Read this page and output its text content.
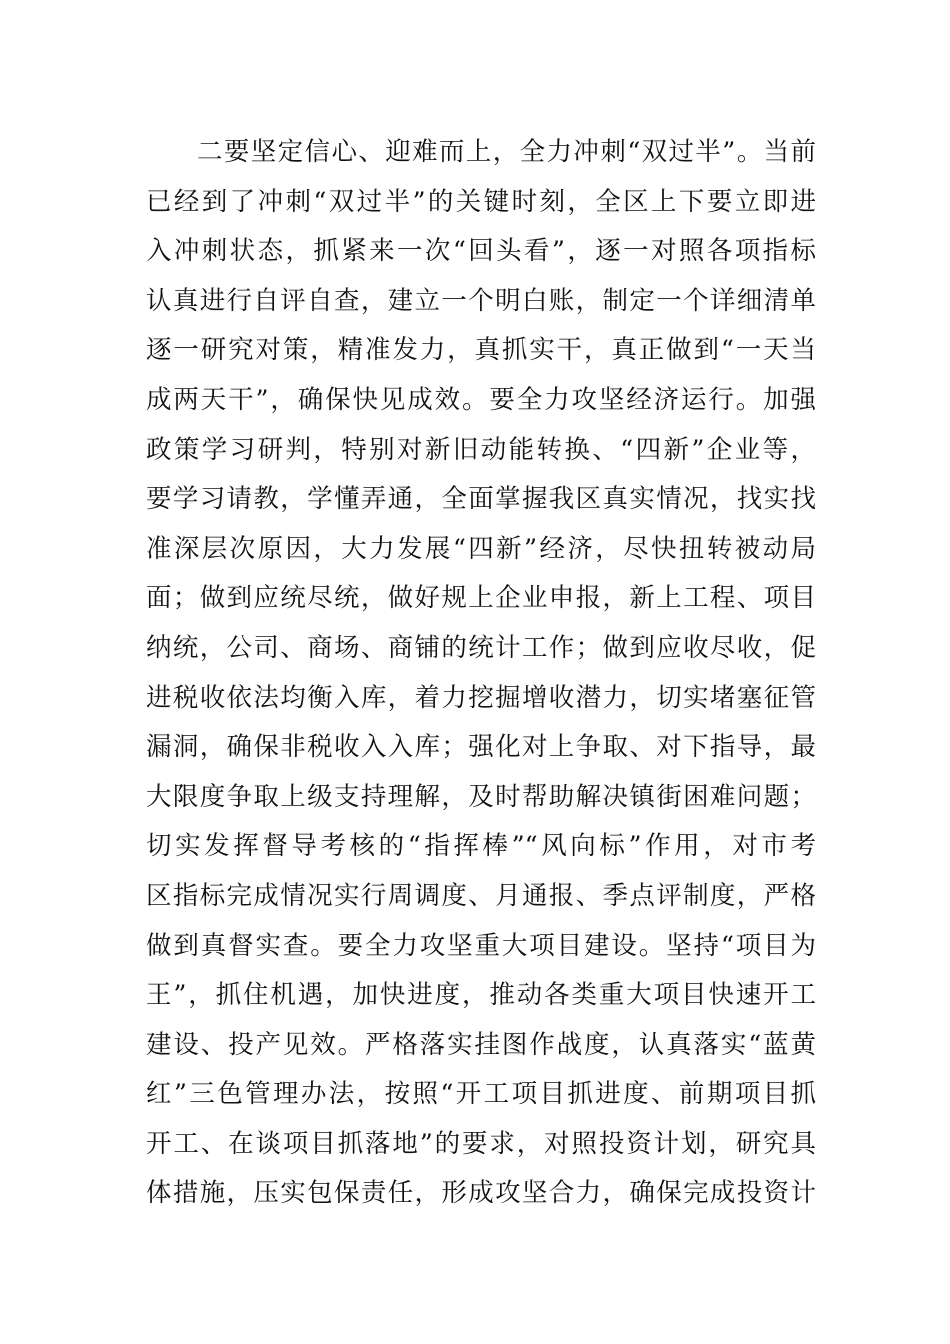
二要坚定信心、迎难而上，全力冲刺“双过半”。当前
已经到了冲刺“双过半”的关键时刻，全区上下要立即进
入冲刺状态，抓紧来一次“回头看”，逐一对照各项指标
认真进行自评自查，建立一个明白账，制定一个详细清单
逐一研究对策，精准发力，真抓实干，真正做到“一天当
成两天干”，确保快见成效。要全力攻坚经济运行。加强
政策学习研判，特别对新旧动能转换、“四新”企业等，
要学习请教，学懂弄通，全面掌握我区真实情况，找实找
准深层次原因，大力发展“四新”经济，尽快扭转被动局
面；做到应统尽统，做好规上企业申报，新上工程、项目
纳统，公司、商场、商铺的统计工作；做到应收尽收，促
进税收依法均衡入库，着力挖掘增收潜力，切实堵塞征管
漏洞，确保非税收入入库；强化对上争取、对下指导，最
大限度争取上级支持理解，及时帮助解决镇街困难问题；
切实发挥督导考核的“指挥棒”“风向标”作用，对市考
区指标完成情况实行周调度、月通报、季点评制度，严格
做到真督实查。要全力攻坚重大项目建设。坚持“项目为
王”，抓住机遇，加快进度，推动各类重大项目快速开工
建设、投产见效。严格落实挂图作战度，认真落实“蓝黄
红”三色管理办法，按照“开工项目抓进度、前期项目抓
开工、在谈项目抓落地”的要求，对照投资计划，研究具
体措施，压实包保责任，形成攻坚合力，确保完成投资计
